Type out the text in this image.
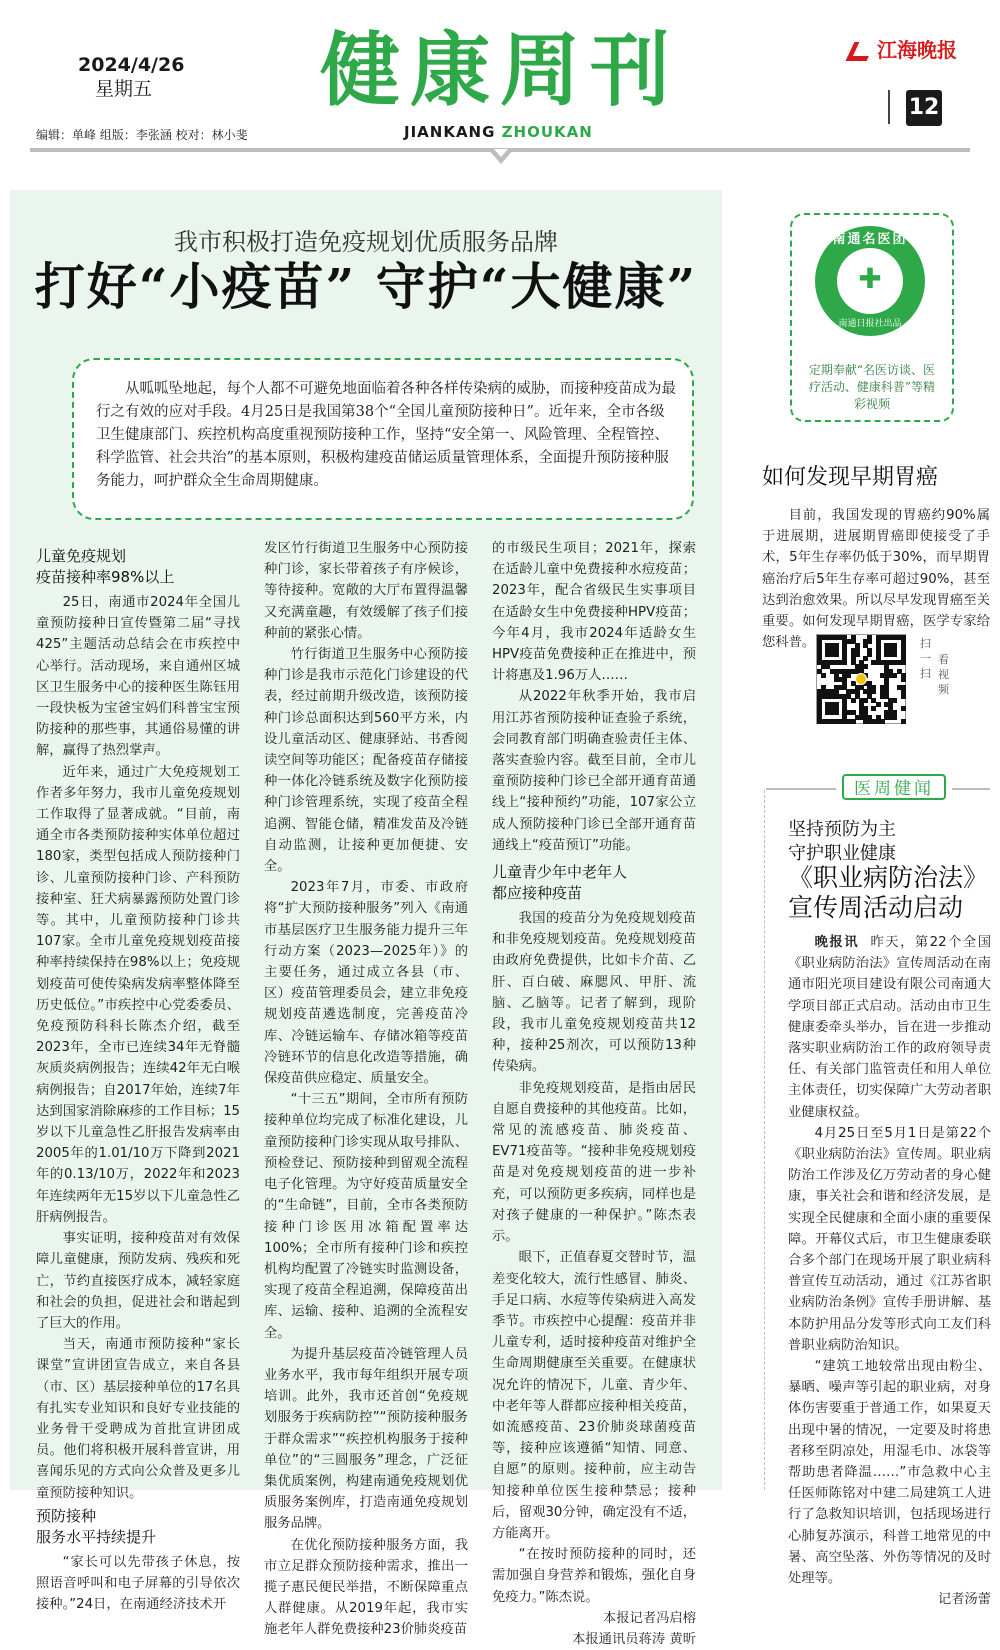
2024/4/26
星期五 健康周刊
JIANKANG ZHOUKAN
编辑：单峰 组版：李张涵 校对：林小斐
江海晚报
12
我市积极打造免疫规划优质服务品牌
打好“小疫苗” 守护“大健康”
从呱呱坠地起，每个人都不可避免地面临着各种各样传染病的威胁，而接种疫苗成为最行之有效的应对手段。4月25日是我国第38个“全国儿童预防接种日”。近年来，全市各级卫生健康部门、疾控机构高度重视预防接种工作，坚持“安全第一、风险管理、全程管控、科学监管、社会共治”的基本原则，积极构建疫苗储运质量管理体系，全面提升预防接种服务能力，呵护群众全生命周期健康。
儿童免疫规划
疫苗接种率98%以上

25日，南通市2024年全国儿童预防接种日宣传暨第二届“寻找425”主题活动总结会在市疾控中心举行。活动现场，来自通州区城区卫生服务中心的接种医生陈钰用一段快板为宝爸宝妈们科普宝宝预防接种的那些事，其通俗易懂的讲解，赢得了热烈掌声。

近年来，通过广大免疫规划工作者多年努力，我市儿童免疫规划工作取得了显著成就。“目前，南通全市各类预防接种实体单位超过180家，类型包括成人预防接种门诊、儿童预防接种门诊、产科预防接种室、狂犬病暴露预防处置门诊等。其中，儿童预防接种门诊共107家。全市儿童免疫规划疫苗接种率持续保持在98%以上；免疫规划疫苗可使传染病发病率整体降至历史低位。”市疾控中心党委委员、免疫预防科科长陈杰介绍，截至2023年，全市已连续34年无脊髓灰质炎病例报告；连续42年无白喉病例报告；自2017年始，连续7年达到国家消除麻疹的工作目标；15岁以下儿童急性乙肝报告发病率由2005年的1.01/10万下降到2021年的0.13/10万，2022年和2023年连续两年无15岁以下儿童急性乙肝病例报告。

事实证明，接种疫苗对有效保障儿童健康，预防发病、残疾和死亡，节约直接医疗成本，减轻家庭和社会的负担，促进社会和谐起到了巨大的作用。

当天，南通市预防接种“家长课堂”宣讲团宣告成立，来自各县（市、区）基层接种单位的17名具有扎实专业知识和良好专业技能的业务骨干受聘成为首批宣讲团成员。他们将积极开展科普宣讲，用喜闻乐见的方式向公众普及更多儿童预防接种知识。

预防接种
服务水平持续提升

“家长可以先带孩子休息，按照语音呼叫和电子屏幕的引导依次接种。”24日，在南通经济技术开

发区竹行街道卫生服务中心预防接种门诊，家长带着孩子有序候诊，等待接种。宽敞的大厅布置得温馨又充满童趣，有效缓解了孩子们接种前的紧张心情。

竹行街道卫生服务中心预防接种门诊是我市示范化门诊建设的代表，经过前期升级改造，该预防接种门诊总面积达到560平方米，内设儿童活动区、健康驿站、书香阅读空间等功能区；配备疫苗存储接种一体化冷链系统及数字化预防接种门诊管理系统，实现了疫苗全程追溯、智能仓储，精准发苗及冷链自动监测，让接种更加便捷、安全。

2023年7月，市委、市政府将“扩大预防接种服务”列入《南通市基层医疗卫生服务能力提升三年行动方案（2023—2025年）》的主要任务，通过成立各县（市、区）疫苗管理委员会，建立非免疫规划疫苗遴选制度，完善疫苗冷库、冷链运输车、存储冰箱等疫苗冷链环节的信息化改造等措施，确保疫苗供应稳定、质量安全。

“十三五”期间，全市所有预防接种单位均完成了标准化建设，儿童预防接种门诊实现从取号排队、预检登记、预防接种到留观全流程电子化管理。为守好疫苗质量安全的“生命链”，目前，全市各类预防接种门诊医用冰箱配置率达100%；全市所有接种门诊和疾控机构均配置了冷链实时监测设备，实现了疫苗全程追溯，保障疫苗出库、运输、接种、追溯的全流程安全。

为提升基层疫苗冷链管理人员业务水平，我市每年组织开展专项培训。此外，我市还首创“免疫规划服务于疾病防控”“预防接种服务于群众需求”“疾控机构服务于接种单位”的“三圆服务”理念，广泛征集优质案例，构建南通免疫规划优质服务案例库，打造南通免疫规划服务品牌。

在优化预防接种服务方面，我市立足群众预防接种需求，推出一揽子惠民便民举措，不断保障重点人群健康。从2019年起，我市实施老年人群免费接种23价肺炎疫苗

的市级民生项目；2021年，探索在适龄儿童中免费接种水痘疫苗；2023年，配合省级民生实事项目在适龄女生中免费接种HPV疫苗；今年4月，我市2024年适龄女生HPV疫苗免费接种正在推进中，预计将惠及1.96万人……

从2022年秋季开始，我市启用江苏省预防接种证查验子系统，会同教育部门明确查验责任主体、落实查验内容。截至目前，全市儿童预防接种门诊已全部开通育苗通线上“接种预约”功能，107家公立成人预防接种门诊已全部开通育苗通线上“疫苗预订”功能。

儿童青少年中老年人
都应接种疫苗

我国的疫苗分为免疫规划疫苗和非免疫规划疫苗。免疫规划疫苗由政府免费提供，比如卡介苗、乙肝、百白破、麻腮风、甲肝、流脑、乙脑等。记者了解到，现阶段，我市儿童免疫规划疫苗共12种，接种25剂次，可以预防13种传染病。

非免疫规划疫苗，是指由居民自愿自费接种的其他疫苗。比如，常见的流感疫苗、肺炎疫苗、EV71疫苗等。“接种非免疫规划疫苗是对免疫规划疫苗的进一步补充，可以预防更多疾病，同样也是对孩子健康的一种保护。”陈杰表示。

眼下，正值春夏交替时节，温差变化较大，流行性感冒、肺炎、手足口病、水痘等传染病进入高发季节。市疾控中心提醒：疫苗并非儿童专利，适时接种疫苗对维护全生命周期健康至关重要。在健康状况允许的情况下，儿童、青少年、中老年等人群都应接种相关疫苗，如流感疫苗、23价肺炎球菌疫苗等，接种应该遵循“知情、同意、自愿”的原则。接种前，应主动告知接种单位医生接种禁忌；接种后，留观30分钟，确定没有不适，方能离开。

“在按时预防接种的同时，还需加强自身营养和锻炼，强化自身免疫力。”陈杰说。

本报记者冯启榕

本报通讯员蒋涛 黄昕

✚
南通名医团
南通日报社出品
定期奉献“名医访谈、医疗活动、健康科普”等精彩视频
如何发现早期胃癌

目前，我国发现的胃癌约90%属于进展期，进展期胃癌即使接受了手术，5年生存率仍低于30%，而早期胃癌治疗后5年生存率可超过90%，甚至达到治愈效果。所以尽早发现胃癌至关重要。如何发现早期胃癌，医学专家给您科普。	扫一扫
看视频
医周健闻
坚持预防为主
守护职业健康
《职业病防治法》
宣传周活动启动

晚报讯 昨天，第22个全国《职业病防治法》宣传周活动在南通市阳光项目建设有限公司南通大学项目部正式启动。活动由市卫生健康委牵头举办，旨在进一步推动落实职业病防治工作的政府领导责任、有关部门监管责任和用人单位主体责任，切实保障广大劳动者职业健康权益。

4月25日至5月1日是第22个《职业病防治法》宣传周。职业病防治工作涉及亿万劳动者的身心健康，事关社会和谐和经济发展，是实现全民健康和全面小康的重要保障。开幕仪式后，市卫生健康委联合多个部门在现场开展了职业病科普宣传互动活动，通过《江苏省职业病防治条例》宣传手册讲解、基本防护用品分发等形式向工友们科普职业病防治知识。

“建筑工地较常出现由粉尘、暴晒、噪声等引起的职业病，对身体伤害要重于普通工作，如果夏天出现中暑的情况，一定要及时将患者移至阴凉处，用湿毛巾、冰袋等帮助患者降温……”市急救中心主任医师陈铭对中建二局建筑工人进行了急救知识培训，包括现场进行心肺复苏演示，科普工地常见的中暑、高空坠落、外伤等情况的及时处理等。

记者汤蕾
